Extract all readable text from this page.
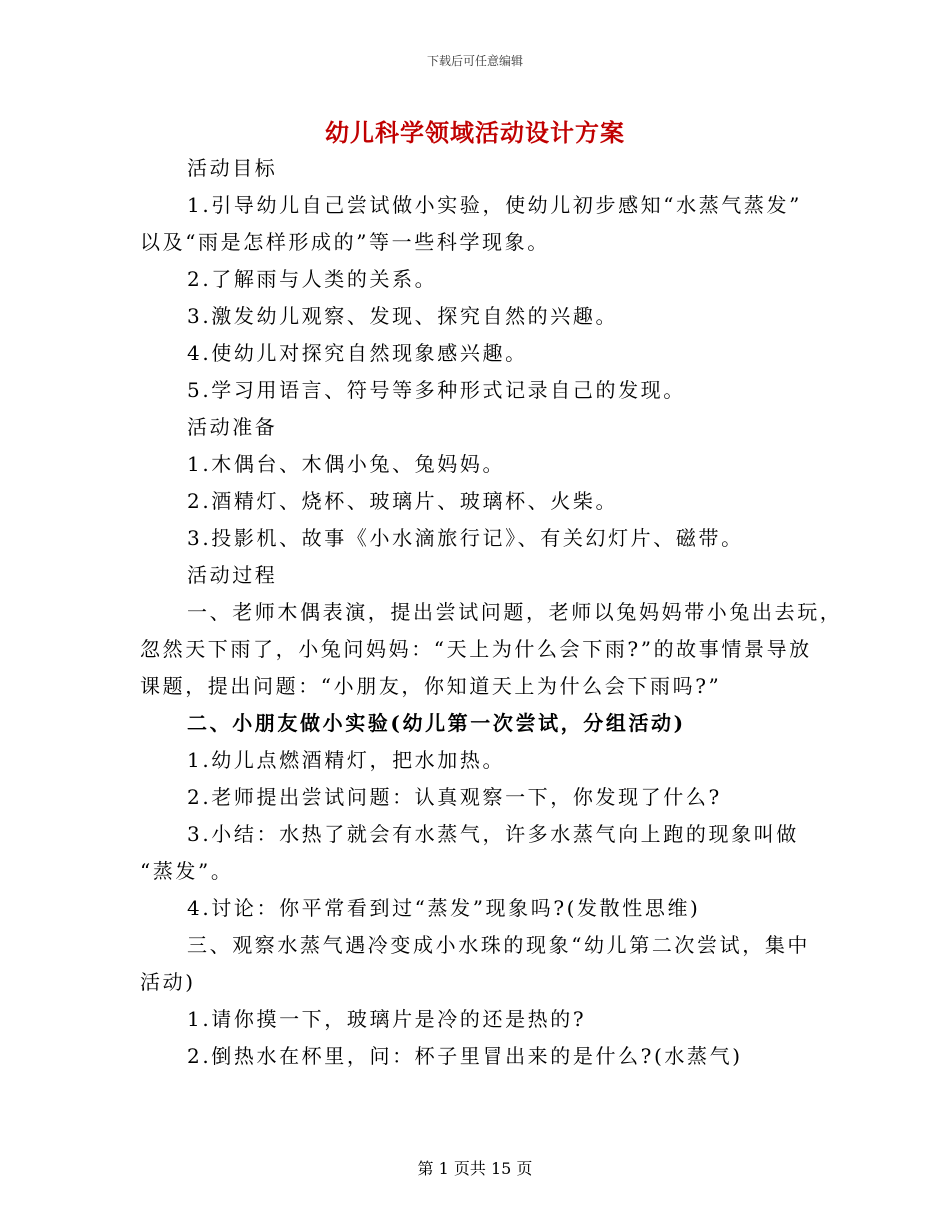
下载后可任意编辑
幼儿科学领域活动设计方案
活动目标
1.引导幼儿自己尝试做小实验，使幼儿初步感知“水蒸气蒸发”
以及“雨是怎样形成的”等一些科学现象。
2.了解雨与人类的关系。
3.激发幼儿观察、发现、探究自然的兴趣。
4.使幼儿对探究自然现象感兴趣。
5.学习用语言、符号等多种形式记录自己的发现。
活动准备
1.木偶台、木偶小兔、兔妈妈。
2.酒精灯、烧杯、玻璃片、玻璃杯、火柴。
3.投影机、故事《小水滴旅行记》、有关幻灯片、磁带。
活动过程
一、老师木偶表演，提出尝试问题，老师以兔妈妈带小兔出去玩，
忽然天下雨了，小兔问妈妈：“天上为什么会下雨?”的故事情景导放
课题，提出问题：“小朋友，你知道天上为什么会下雨吗?”
二、小朋友做小实验(幼儿第一次尝试，分组活动)
1.幼儿点燃酒精灯，把水加热。
2.老师提出尝试问题：认真观察一下，你发现了什么?
3.小结：水热了就会有水蒸气，许多水蒸气向上跑的现象叫做
“蒸发”。
4.讨论：你平常看到过“蒸发”现象吗?(发散性思维)
三、观察水蒸气遇冷变成小水珠的现象“幼儿第二次尝试，集中
活动)
1.请你摸一下，玻璃片是冷的还是热的?
2.倒热水在杯里，问：杯子里冒出来的是什么?(水蒸气)
第 1 页共 15 页
